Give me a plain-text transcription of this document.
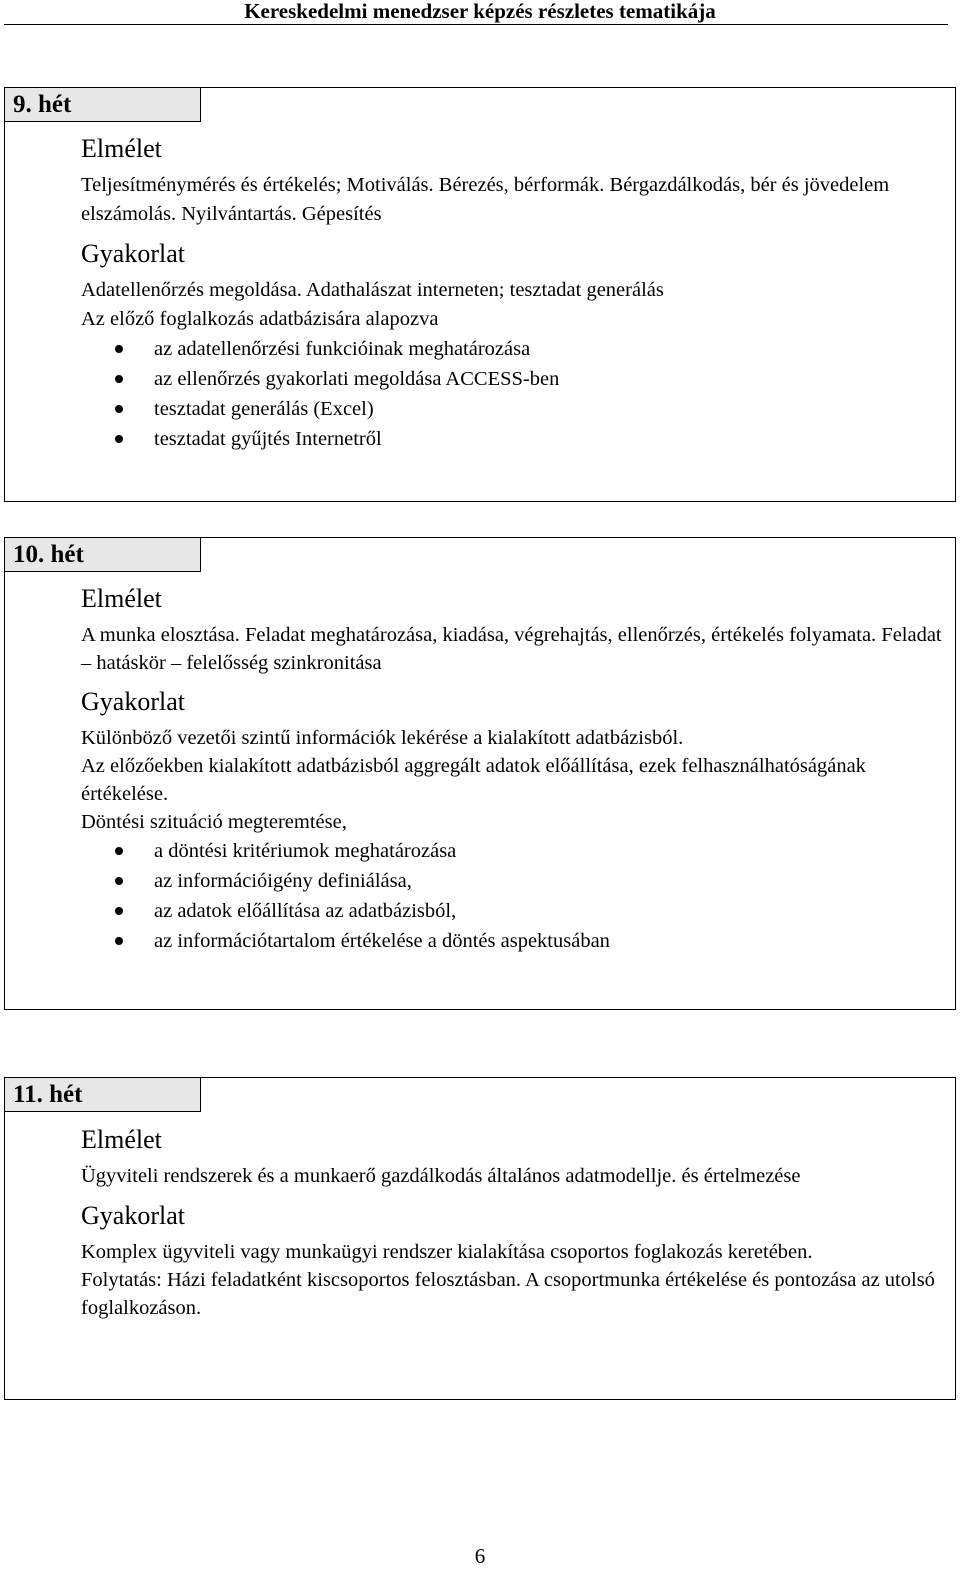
Kereskedelmi menedzser képzés részletes tematikája
9. hét
Elmélet

Teljesítménymérés és értékelés; Motiválás. Bérezés, bérformák. Bérgazdálkodás, bér és jövedelem elszámolás. Nyilvántartás. Gépesítés

Gyakorlat

Adatellenőrzés megoldása. Adathalászat interneten; tesztadat generálás

Az előző foglalkozás adatbázisára alapozva

az adatellenőrzési funkcióinak meghatározása
az ellenőrzés gyakorlati megoldása ACCESS-ben
tesztadat generálás (Excel)
tesztadat gyűjtés Internetről
10. hét
Elmélet

A munka elosztása. Feladat meghatározása, kiadása, végrehajtás, ellenőrzés, értékelés folyamata. Feladat – hatáskör – felelősség szinkronitása

Gyakorlat

Különböző vezetői szintű információk lekérése a kialakított adatbázisból.

Az előzőekben kialakított adatbázisból aggregált adatok előállítása, ezek felhasználhatóságának értékelése.

Döntési szituáció megteremtése,

a döntési kritériumok meghatározása
az információigény definiálása,
az adatok előállítása az adatbázisból,
az információtartalom értékelése a döntés aspektusában
11. hét
Elmélet

Ügyviteli rendszerek és a munkaerő gazdálkodás általános adatmodellje. és értelmezése

Gyakorlat

Komplex ügyviteli vagy munkaügyi rendszer kialakítása csoportos foglakozás keretében.

Folytatás: Házi feladatként kiscsoportos felosztásban. A csoportmunka értékelése és pontozása az utolsó foglalkozáson.

6
